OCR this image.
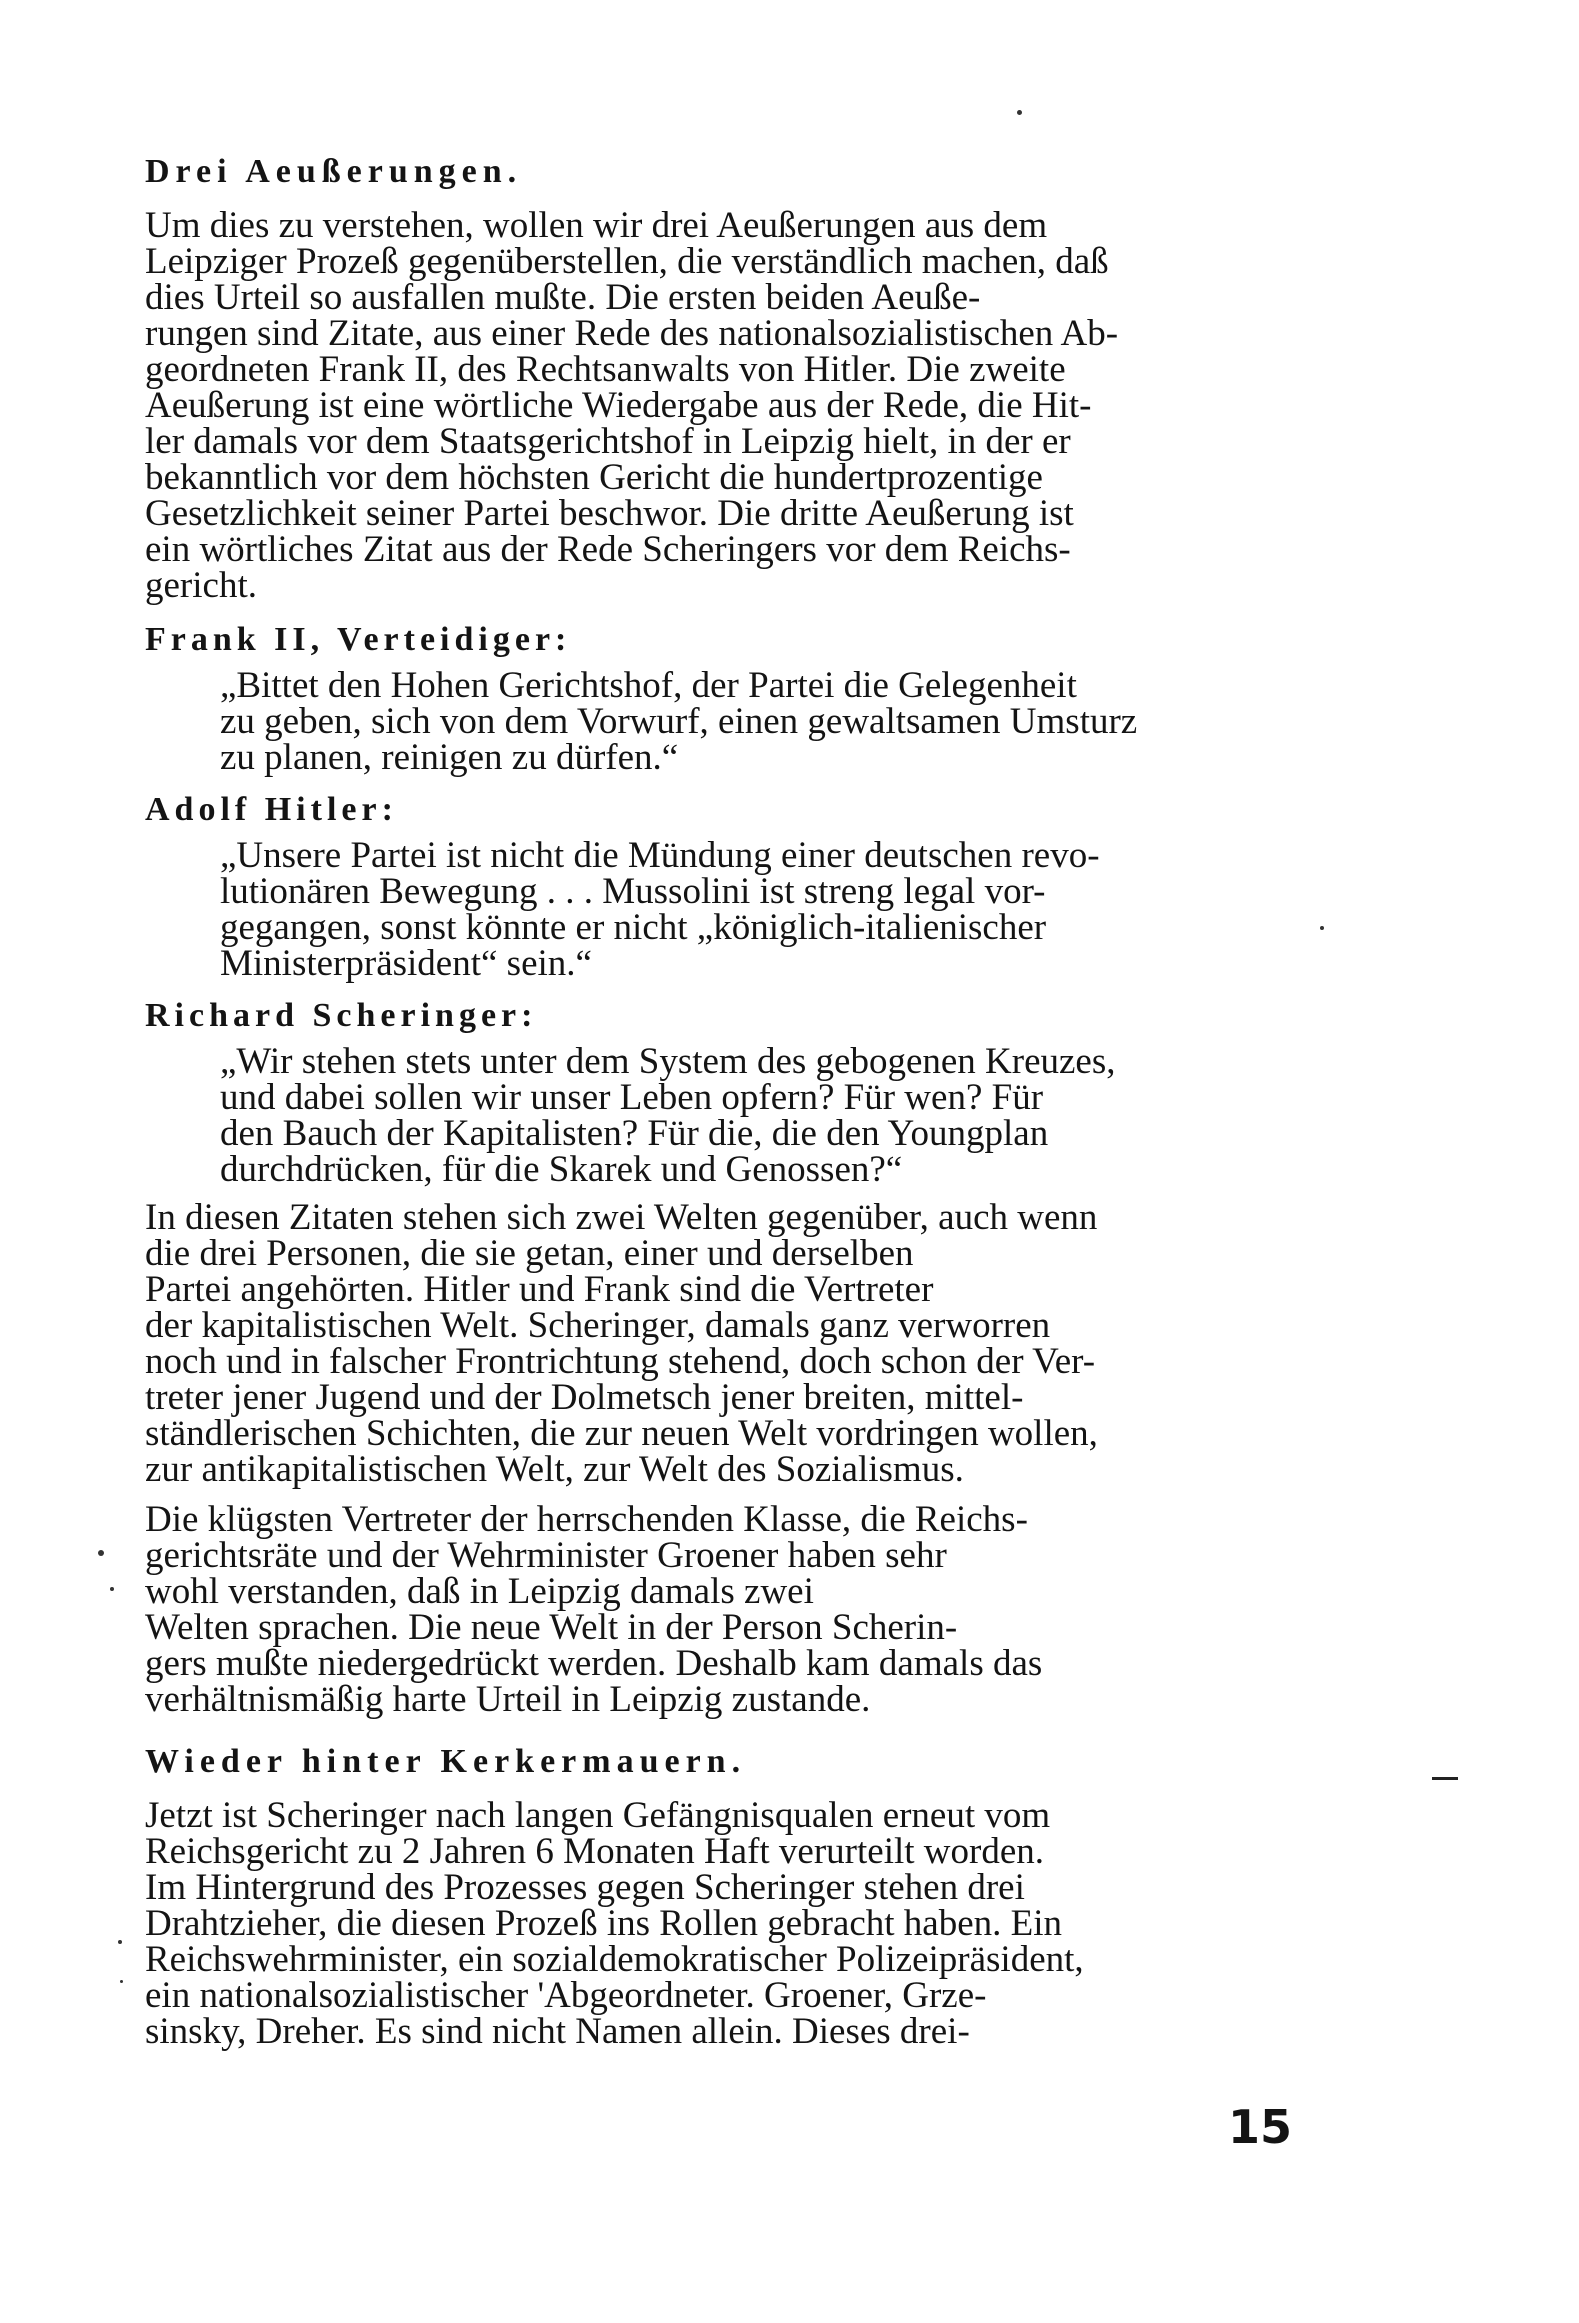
Drei Aeußerungen.

Um dies zu verstehen, wollen wir drei Aeußerungen aus dem
Leipziger Prozeß gegenüberstellen, die verständlich machen, daß
dies Urteil so ausfallen mußte. Die ersten beiden Aeuße-
rungen sind Zitate, aus einer Rede des nationalsozialistischen Ab-
geordneten Frank II, des Rechtsanwalts von Hitler. Die zweite
Aeußerung ist eine wörtliche Wiedergabe aus der Rede, die Hit-
ler damals vor dem Staatsgerichtshof in Leipzig hielt, in der er
bekanntlich vor dem höchsten Gericht die hundertprozentige
Gesetzlichkeit seiner Partei beschwor. Die dritte Aeußerung ist
ein wörtliches Zitat aus der Rede Scheringers vor dem Reichs-
gericht.

Frank II, Verteidiger:

„Bittet den Hohen Gerichtshof, der Partei die Gelegenheit
zu geben, sich von dem Vorwurf, einen gewaltsamen Umsturz
zu planen, reinigen zu dürfen.“

Adolf Hitler:

„Unsere Partei ist nicht die Mündung einer deutschen revo-
lutionären Bewegung . . . Mussolini ist streng legal vor-
gegangen, sonst könnte er nicht „königlich-italienischer
Ministerpräsident“ sein.“

Richard Scheringer:

„Wir stehen stets unter dem System des gebogenen Kreuzes,
und dabei sollen wir unser Leben opfern? Für wen? Für
den Bauch der Kapitalisten? Für die, die den Youngplan
durchdrücken, für die Skarek und Genossen?“

In diesen Zitaten stehen sich zwei Welten gegenüber, auch wenn
die drei Personen, die sie getan, einer und derselben
Partei angehörten. Hitler und Frank sind die Vertreter
der kapitalistischen Welt. Scheringer, damals ganz verworren
noch und in falscher Frontrichtung stehend, doch schon der Ver-
treter jener Jugend und der Dolmetsch jener breiten, mittel-
ständlerischen Schichten, die zur neuen Welt vordringen wollen,
zur antikapitalistischen Welt, zur Welt des Sozialismus.

Die klügsten Vertreter der herrschenden Klasse, die Reichs-
gerichtsräte und der Wehrminister Groener haben sehr
wohl verstanden, daß in Leipzig damals zwei
Welten sprachen. Die neue Welt in der Person Scherin-
gers mußte niedergedrückt werden. Deshalb kam damals das
verhältnismäßig harte Urteil in Leipzig zustande.

Wieder hinter Kerkermauern.

Jetzt ist Scheringer nach langen Gefängnisqualen erneut vom
Reichsgericht zu 2 Jahren 6 Monaten Haft verurteilt worden.
Im Hintergrund des Prozesses gegen Scheringer stehen drei
Drahtzieher, die diesen Prozeß ins Rollen gebracht haben. Ein
Reichswehrminister, ein sozialdemokratischer Polizeipräsident,
ein nationalsozialistischer 'Abgeordneter. Groener, Grze-
sinsky, Dreher. Es sind nicht Namen allein. Dieses drei-

15
